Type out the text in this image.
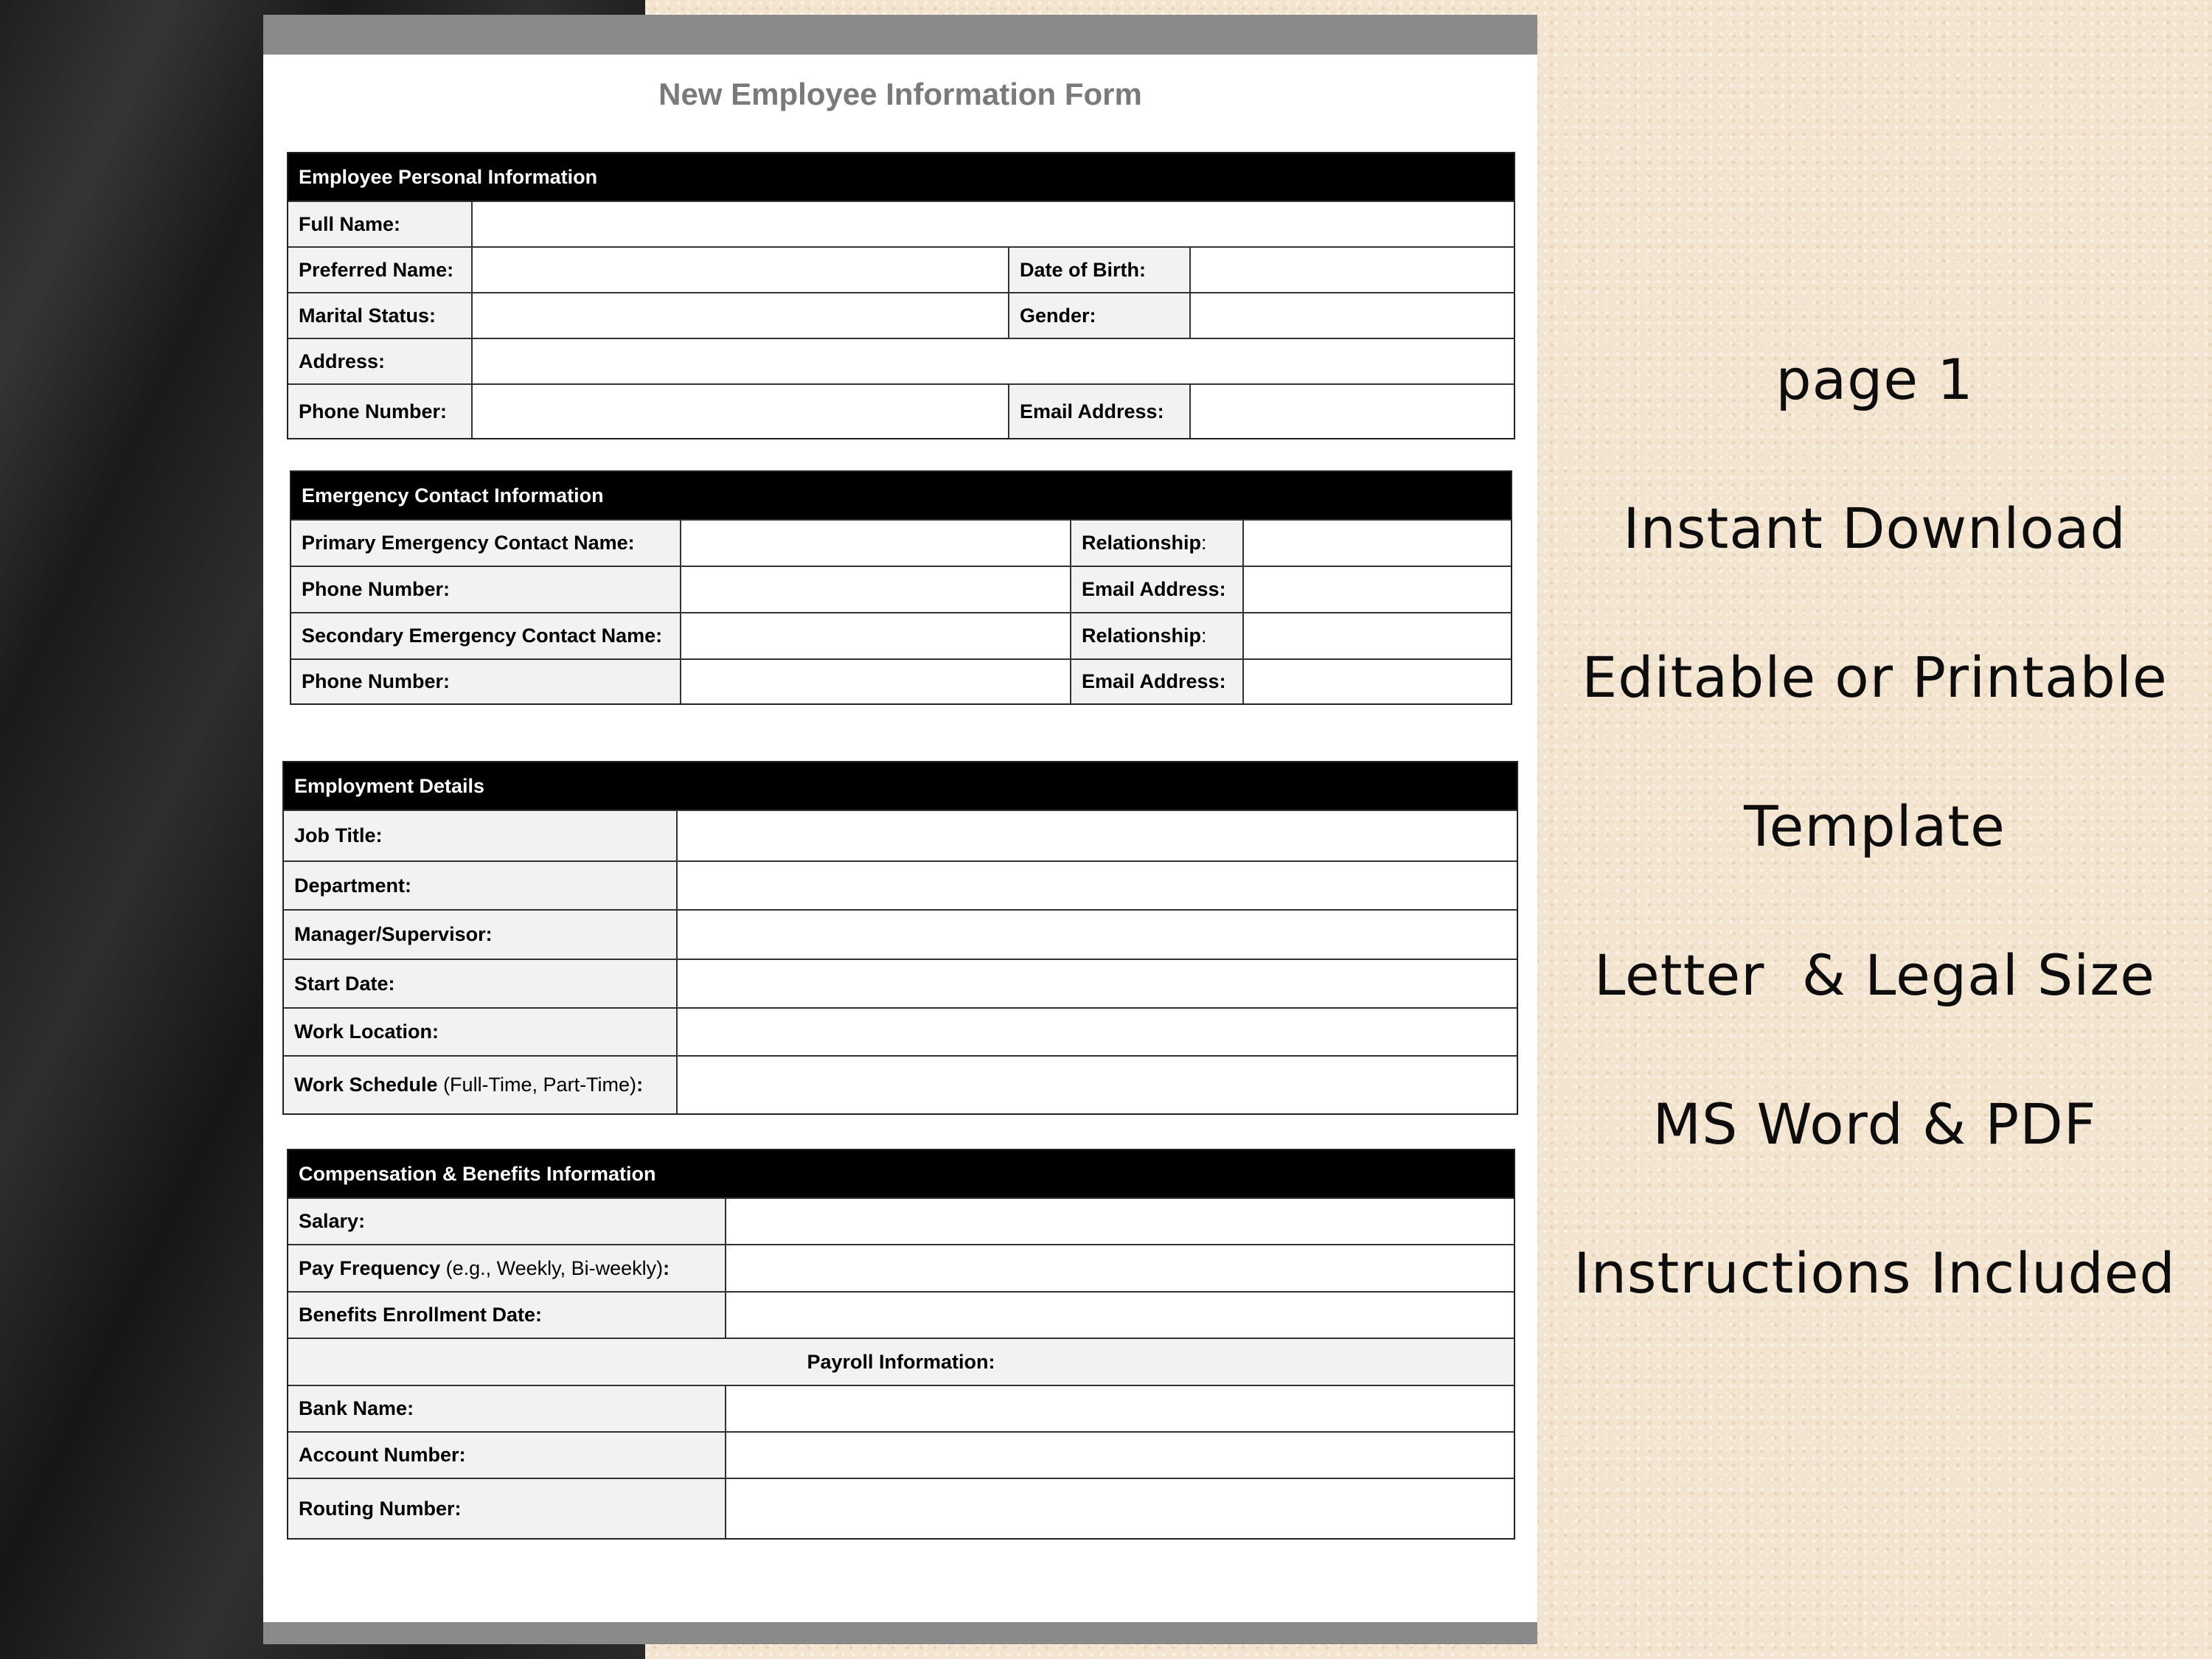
New Employee Information Form
Employee Personal Information
Full Name:
Preferred Name:	Date of Birth:
Marital Status:	Gender:
Address:
Phone Number:	Email Address:
Emergency Contact Information
Primary Emergency Contact Name:	Relationship :
Phone Number:	Email Address:
Secondary Emergency Contact Name:	Relationship :
Phone Number:	Email Address:
Employment Details
Job Title:
Department:
Manager/Supervisor:
Start Date:
Work Location:
Work Schedule (Full-Time, Part-Time) :
Compensation & Benefits Information
Salary:
Pay Frequency (e.g., Weekly, Bi-weekly) :
Benefits Enrollment Date:
Payroll Information:
Bank Name:
Account Number:
Routing Number:
page 1
Instant Download
Editable or Printable
Template
Letter  & Legal Size
MS Word & PDF
Instructions Included
